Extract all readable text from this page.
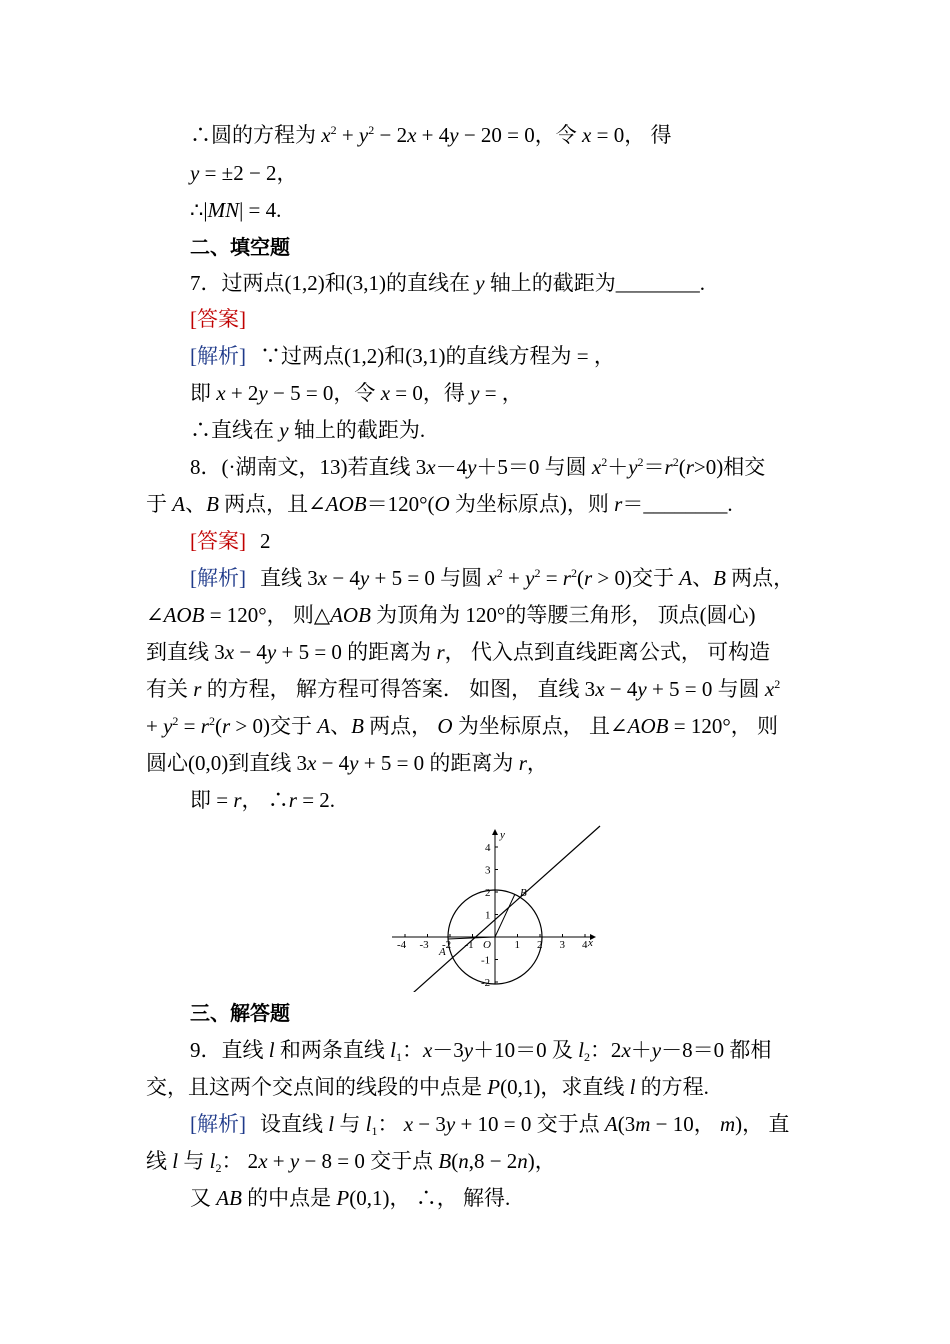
∴圆的方程为 $x^2 + y^2 - 2x + 4y - 20 = 0$，令 x = 0， 得
y = ±2 − 2，
∴|MN| = 4.
二、填空题
7．过两点(1,2)和(3,1)的直线在 y 轴上的截距为________.
[答案]
[解析] ∵过两点(1,2)和(3,1)的直线方程为 = ，
即 x + 2y − 5 = 0，令 x = 0，得 y = ，
∴直线在 y 轴上的截距为.
8．(·湖南文，13)若直线 3x－4y＋5＝0 与圆 $x^2+y^2=r^2(r>0)$相交
于 A、B 两点，且∠AOB＝120°(O 为坐标原点)，则 r＝________.
[答案] 2
[解析] 直线 3x − 4y + 5 = 0 与圆 $x^2 + y^2 = r^2(r > 0)$交于 A、B 两点，
∠AOB = 120°， 则△AOB 为顶角为 120°的等腰三角形， 顶点(圆心)
到直线 3x − 4y + 5 = 0 的距离为 r， 代入点到直线距离公式， 可构造
有关 r 的方程， 解方程可得答案． 如图， 直线 3x − 4y + 5 = 0 与圆 $x^2$
+ $y^2 = r^2(r > 0)$交于 A、B 两点， O 为坐标原点， 且∠AOB = 120°， 则
圆心(0,0)到直线 3x − 4y + 5 = 0 的距离为 r，
即 = r， ∴r = 2.
-4 -3 -2 -1	1 2 3 4
4
3
2
1
-1
-2
O	x
y
A
B
三、解答题
9．直线 l 和两条直线 $l_1$：x－3y＋10＝0 及 $l_2$：2x＋y－8＝0 都相
交，且这两个交点间的线段的中点是 P(0,1)，求直线 l 的方程.
[解析] 设直线 l 与 $l_1$： x − 3y + 10 = 0 交于点 A(3m − 10， m)， 直
线 l 与 $l_2$： 2x + y − 8 = 0 交于点 B(n,8 − 2n)，
又 AB 的中点是 P(0,1)， ∴， 解得.
